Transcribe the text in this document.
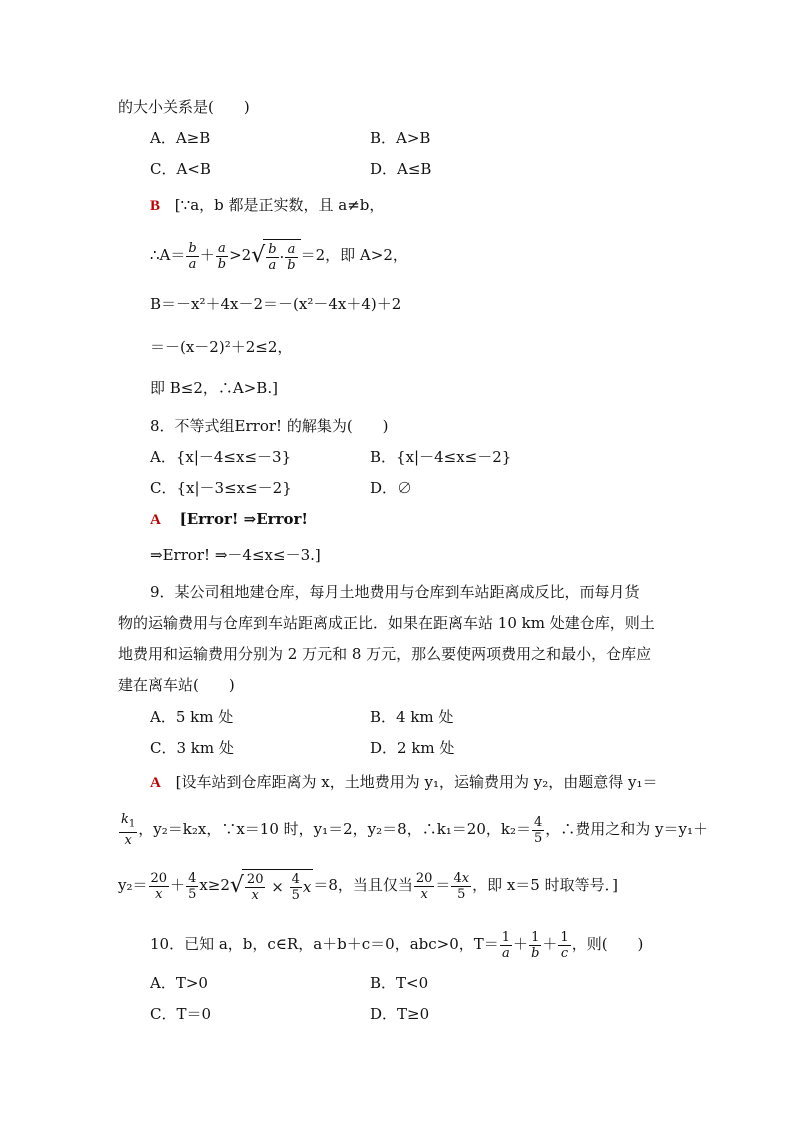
的大小关系是(　　)
A．A≥B	B．A>B
C．A<B	D．A≤B
B [∵a，b 都是正实数，且 a≠b，
∴A＝ $\frac{b}{a} + \frac{a}{b} >2$ √ $\frac{b}{a} \cdot \frac{a}{b} =2$，即 A>2，
B＝－x²＋4x－2＝－(x²－4x＋4)＋2
＝－(x－2)²＋2≤2，
即 B≤2，∴A>B.]
8．不等式组Error! 的解集为(　　)
A．{x|－4≤x≤－3}	B．{x|－4≤x≤－2}
C．{x|－3≤x≤－2}	D．∅
A [Error! ⇒Error!
⇒Error! ⇒－4≤x≤－3.]
9．某公司租地建仓库，每月土地费用与仓库到车站距离成反比，而每月货
物的运输费用与仓库到车站距离成正比．如果在距离车站 10 km 处建仓库，则土
地费用和运输费用分别为 2 万元和 8 万元，那么要使两项费用之和最小，仓库应
建在离车站(　　)
A．5 km 处	B．4 km 处
C．3 km 处	D．2 km 处
A [设车站到仓库距离为 x，土地费用为 y₁，运输费用为 y₂，由题意得 y₁＝
$\frac{k_1}{x}$ ，y₂＝k₂x，∵x＝10 时，y₁＝2，y₂＝8，∴k₁＝20，$k_2= \frac{4}{5}$ ，∴费用之和为 y＝y₁＋
$y_2= \frac{20}{x} + \frac{4}{5} x\ge 2$ √ $\frac{20}{x} \times \frac{4}{5}$ x ＝8，当且仅当 $\frac{20}{x} = \frac{4x}{5}$ ，即 x＝5 时取等号．]
10．已知 a，b，c∈R，a＋b＋c＝0，abc>0，$T= \frac{1}{a} + \frac{1}{b} + \frac{1}{c}$ ，则(　　)
A．T>0	B．T<0
C．T＝0	D．T≥0
